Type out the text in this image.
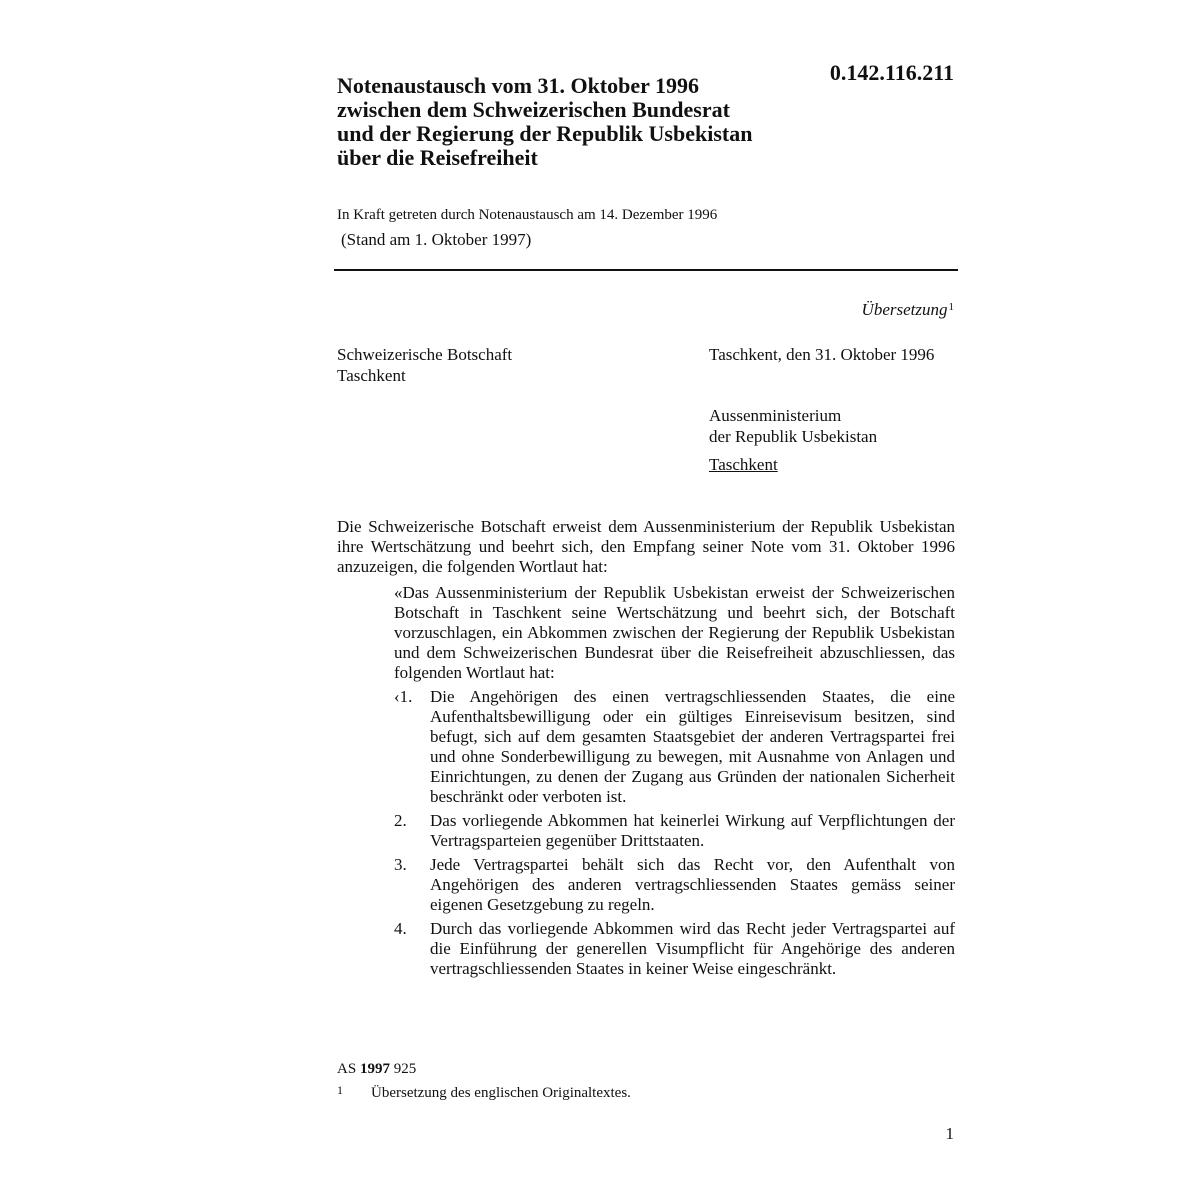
0.142.116.211
Notenaustausch vom 31. Oktober 1996
zwischen dem Schweizerischen Bundesrat
und der Regierung der Republik Usbekistan
über die Reisefreiheit
In Kraft getreten durch Notenaustausch am 14. Dezember 1996
(Stand am 1. Oktober 1997)
Übersetzung$^1$
Schweizerische Botschaft
Taschkent
Taschkent, den 31. Oktober 1996
Aussenministerium
der Republik Usbekistan
Taschkent
Die Schweizerische Botschaft erweist dem Aussenministerium der Republik Usbekistan ihre Wertschätzung und beehrt sich, den Empfang seiner Note vom 31. Oktober 1996 anzuzeigen, die folgenden Wortlaut hat:
«Das Aussenministerium der Republik Usbekistan erweist der Schweizerischen Botschaft in Taschkent seine Wertschätzung und beehrt sich, der Botschaft vorzuschlagen, ein Abkommen zwischen der Regierung der Republik Usbekistan und dem Schweizerischen Bundesrat über die Reisefreiheit abzuschliessen, das folgenden Wortlaut hat:
‹1.	Die Angehörigen des einen vertragschliessenden Staates, die eine Aufenthaltsbewilligung oder ein gültiges Einreisevisum besitzen, sind befugt, sich auf dem gesamten Staatsgebiet der anderen Vertragspartei frei und ohne Sonderbewilligung zu bewegen, mit Ausnahme von Anlagen und Einrichtungen, zu denen der Zugang aus Gründen der nationalen Sicherheit beschränkt oder verboten ist.
2.	Das vorliegende Abkommen hat keinerlei Wirkung auf Verpflichtungen der Vertragsparteien gegenüber Drittstaaten.
3.	Jede Vertragspartei behält sich das Recht vor, den Aufenthalt von Angehörigen des anderen vertragschliessenden Staates gemäss seiner eigenen Gesetzgebung zu regeln.
4.	Durch das vorliegende Abkommen wird das Recht jeder Vertragspartei auf die Einführung der generellen Visumpflicht für Angehörige des anderen vertragschliessenden Staates in keiner Weise eingeschränkt.
AS 1997 925
1 Übersetzung des englischen Originaltextes.
1
